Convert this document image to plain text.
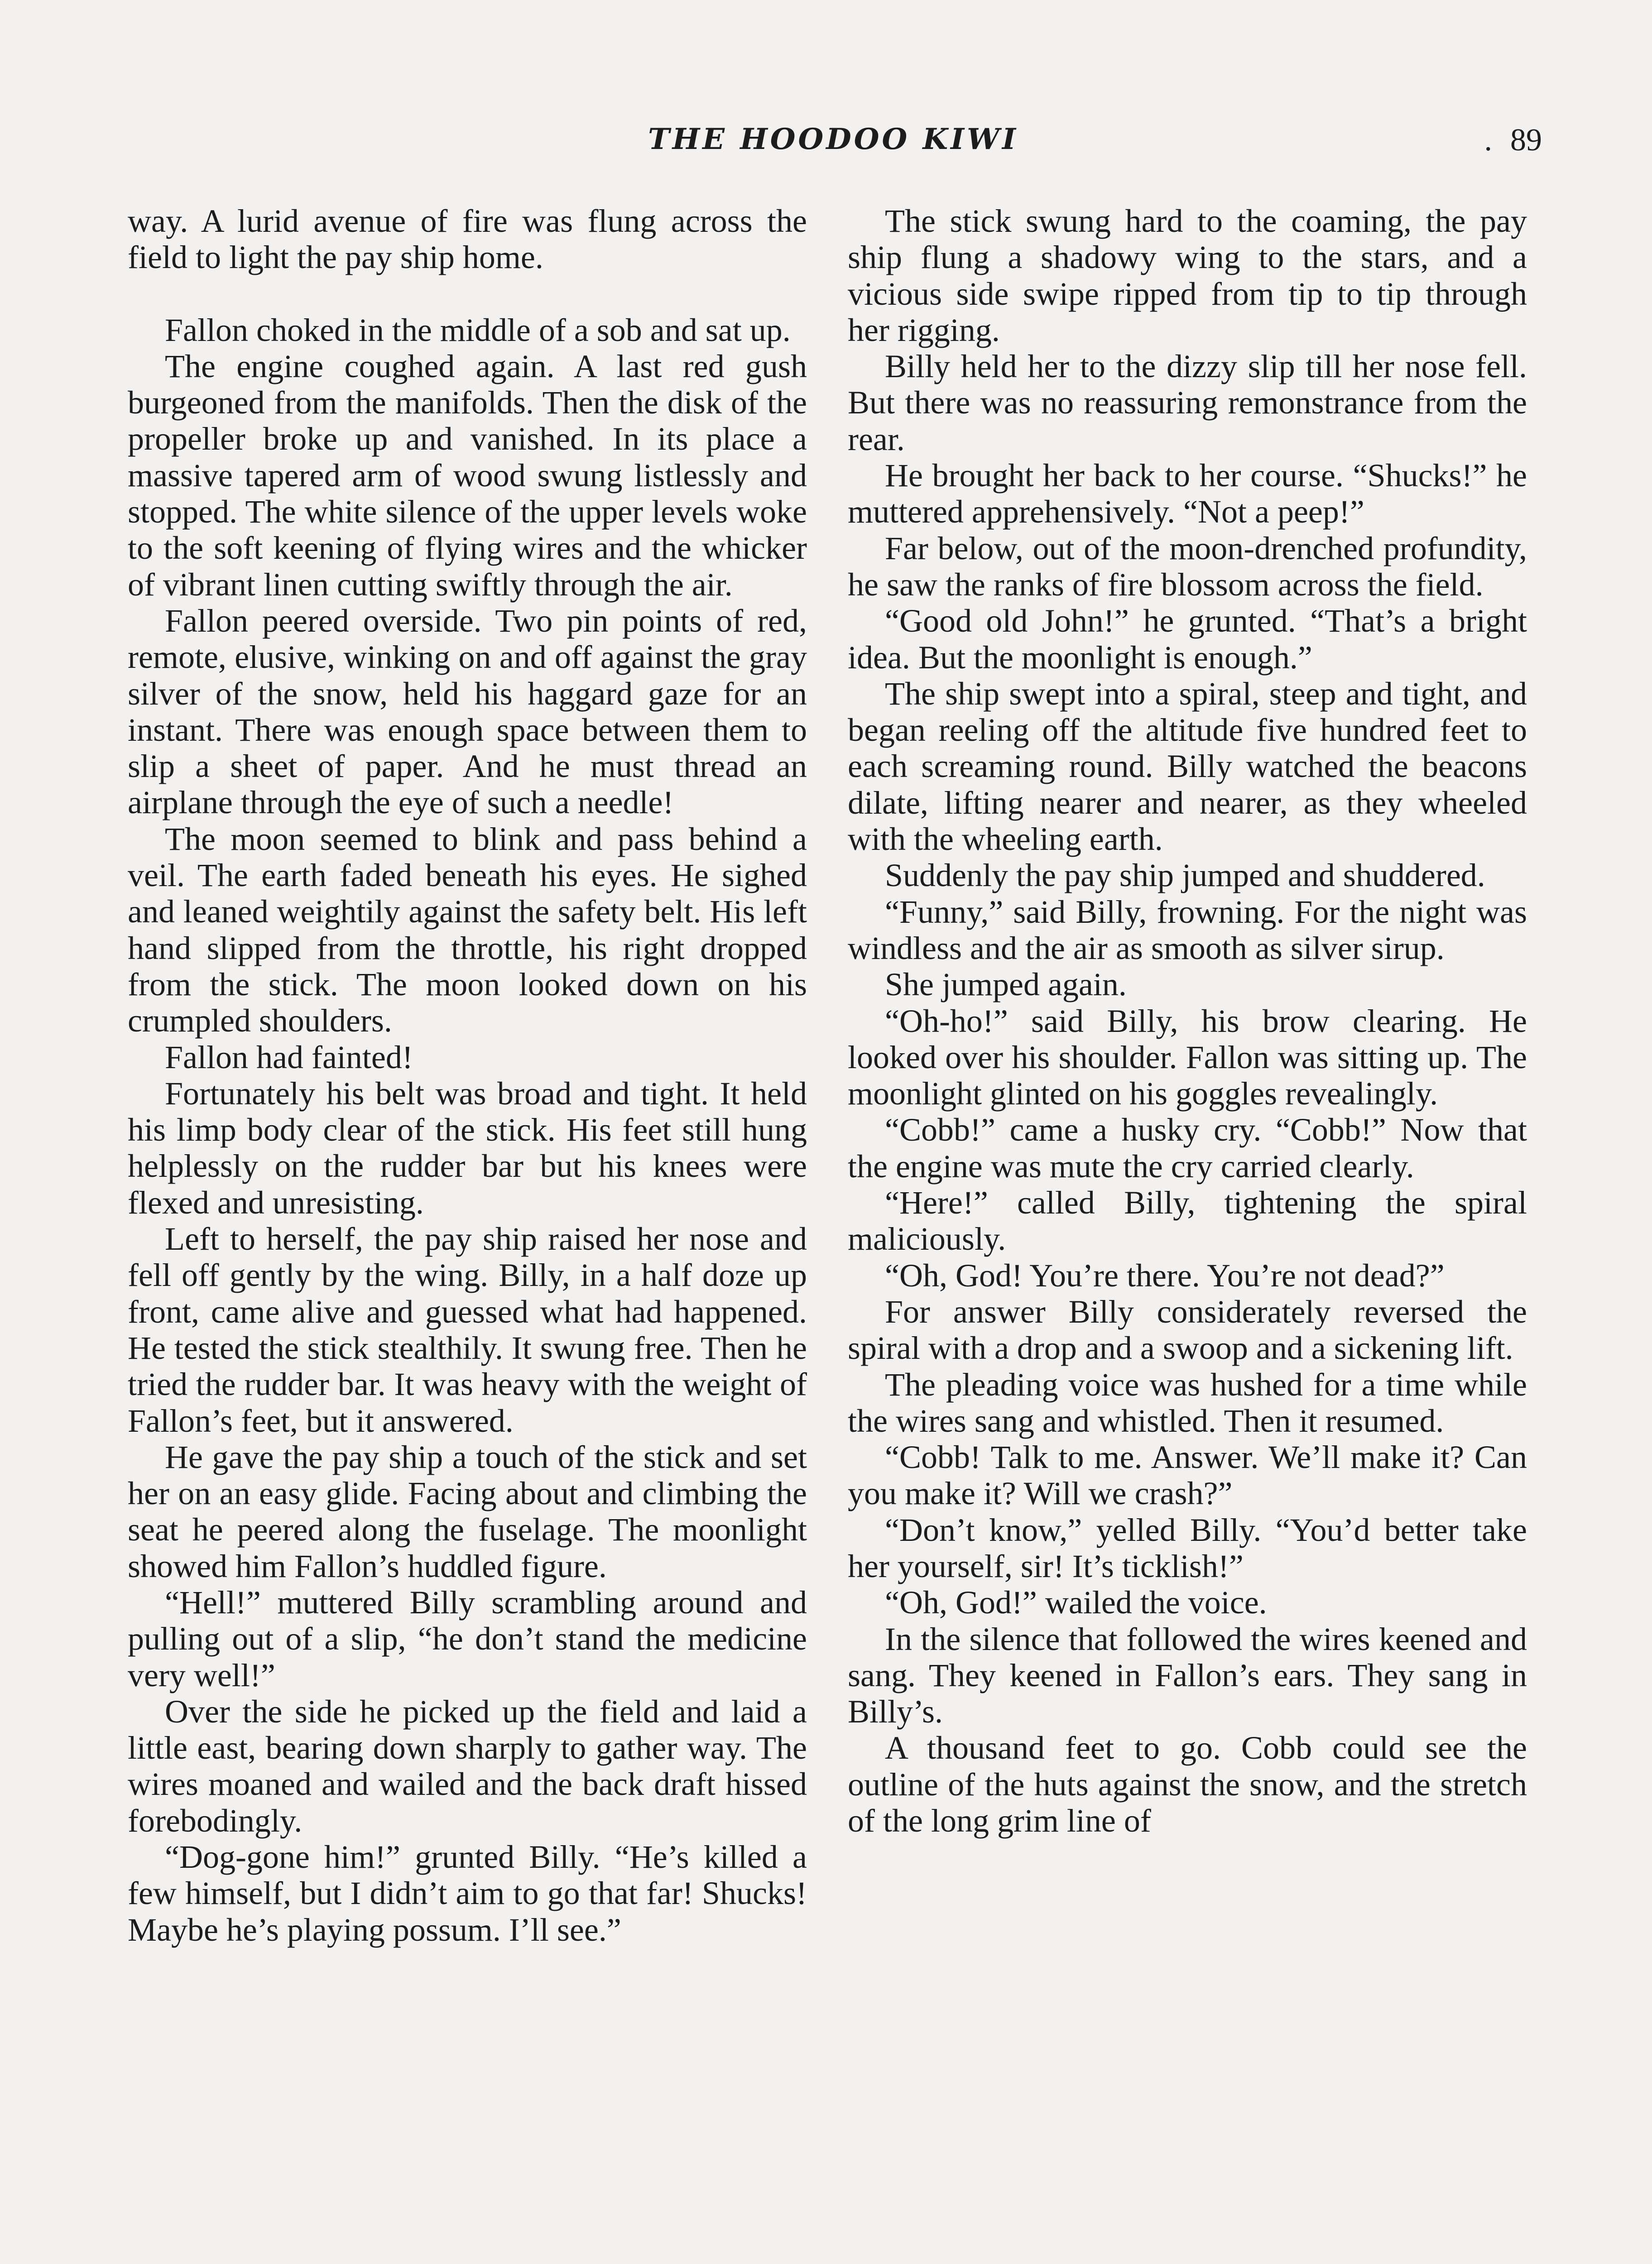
THE HOODOO KIWI	. 89

way. A lurid avenue of fire was flung across the field to light the pay ship home.

Fallon choked in the middle of a sob and sat up.

The engine coughed again. A last red gush burgeoned from the manifolds. Then the disk of the propeller broke up and vanished. In its place a massive tapered arm of wood swung listlessly and stopped. The white silence of the upper levels woke to the soft keening of flying wires and the whicker of vibrant linen cutting swiftly through the air.

Fallon peered overside. Two pin points of red, remote, elusive, winking on and off against the gray silver of the snow, held his haggard gaze for an instant. There was enough space between them to slip a sheet of paper. And he must thread an airplane through the eye of such a needle!

The moon seemed to blink and pass behind a veil. The earth faded beneath his eyes. He sighed and leaned weightily against the safety belt. His left hand slipped from the throttle, his right dropped from the stick. The moon looked down on his crumpled shoulders.

Fallon had fainted!

Fortunately his belt was broad and tight. It held his limp body clear of the stick. His feet still hung helplessly on the rudder bar but his knees were flexed and unresisting.

Left to herself, the pay ship raised her nose and fell off gently by the wing. Billy, in a half doze up front, came alive and guessed what had happened. He tested the stick stealthily. It swung free. Then he tried the rudder bar. It was heavy with the weight of Fallon’s feet, but it answered.

He gave the pay ship a touch of the stick and set her on an easy glide. Facing about and climbing the seat he peered along the fuselage. The moonlight showed him Fallon’s huddled figure.

“Hell!” muttered Billy scrambling around and pulling out of a slip, “he don’t stand the medicine very well!”

Over the side he picked up the field and laid a little east, bearing down sharply to gather way. The wires moaned and wailed and the back draft hissed forebodingly.

“Dog-gone him!” grunted Billy. “He’s killed a few himself, but I didn’t aim to go that far! Shucks! Maybe he’s playing possum. I’ll see.”

The stick swung hard to the coaming, the pay ship flung a shadowy wing to the stars, and a vicious side swipe ripped from tip to tip through her rigging.

Billy held her to the dizzy slip till her nose fell. But there was no reassuring remonstrance from the rear.

He brought her back to her course. “Shucks!” he muttered apprehensively. “Not a peep!”

Far below, out of the moon-drenched profundity, he saw the ranks of fire blossom across the field.

“Good old John!” he grunted. “That’s a bright idea. But the moonlight is enough.”

The ship swept into a spiral, steep and tight, and began reeling off the altitude five hundred feet to each screaming round. Billy watched the beacons dilate, lifting nearer and nearer, as they wheeled with the wheeling earth.

Suddenly the pay ship jumped and shuddered.

“Funny,” said Billy, frowning. For the night was windless and the air as smooth as silver sirup.

She jumped again.

“Oh-ho!” said Billy, his brow clearing. He looked over his shoulder. Fallon was sitting up. The moonlight glinted on his goggles revealingly.

“Cobb!” came a husky cry. “Cobb!” Now that the engine was mute the cry carried clearly.

“Here!” called Billy, tightening the spiral maliciously.

“Oh, God! You’re there. You’re not dead?”

For answer Billy considerately reversed the spiral with a drop and a swoop and a sickening lift.

The pleading voice was hushed for a time while the wires sang and whistled. Then it resumed.

“Cobb! Talk to me. Answer. We’ll make it? Can you make it? Will we crash?”

“Don’t know,” yelled Billy. “You’d better take her yourself, sir! It’s ticklish!”

“Oh, God!” wailed the voice.

In the silence that followed the wires keened and sang. They keened in Fallon’s ears. They sang in Billy’s.

A thousand feet to go. Cobb could see the outline of the huts against the snow, and the stretch of the long grim line of
